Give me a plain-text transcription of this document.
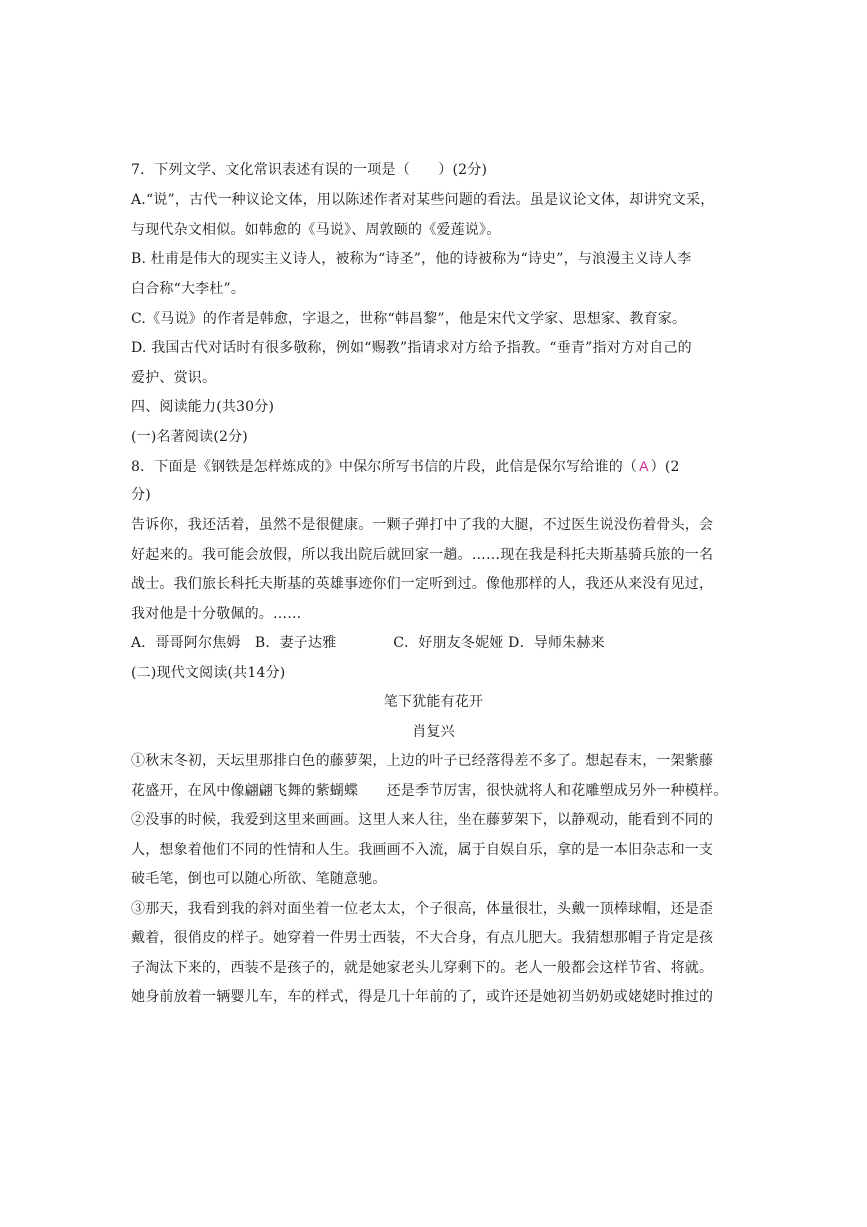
7．下列文学、文化常识表述有误的一项是（　　）(2分)
A.“说”，古代一种议论文体，用以陈述作者对某些问题的看法。虽是议论文体，却讲究文采，
与现代杂文相似。如韩愈的《马说》、周敦颐的《爱莲说》。
B. 杜甫是伟大的现实主义诗人，被称为“诗圣”，他的诗被称为“诗史”，与浪漫主义诗人李
白合称“大李杜”。
C.《马说》的作者是韩愈，字退之，世称“韩昌黎”，他是宋代文学家、思想家、教育家。
D. 我国古代对话时有很多敬称，例如“赐教”指请求对方给予指教。“垂青”指对方对自己的
爱护、赏识。
四、阅读能力(共30分)
(一)名著阅读(2分)
8．下面是《钢铁是怎样炼成的》中保尔所写书信的片段，此信是保尔写给谁的（ A ）(2
分)
告诉你，我还活着，虽然不是很健康。一颗子弹打中了我的大腿，不过医生说没伤着骨头，会
好起来的。我可能会放假，所以我出院后就回家一趟。……现在我是科托夫斯基骑兵旅的一名
战士。我们旅长科托夫斯基的英雄事迹你们一定听到过。像他那样的人，我还从来没有见过，
我对他是十分敬佩的。……
A．哥哥阿尔焦姆　B．妻子达雅　　　　C．好朋友冬妮娅 D．导师朱赫来
(二)现代文阅读(共14分)
笔下犹能有花开
肖复兴
①秋末冬初，天坛里那排白色的藤萝架，上边的叶子已经落得差不多了。想起春末，一架紫藤
花盛开，在风中像翩翩飞舞的紫蝴蝶　　还是季节厉害，很快就将人和花雕塑成另外一种模样。
②没事的时候，我爱到这里来画画。这里人来人往，坐在藤萝架下，以静观动，能看到不同的
人，想象着他们不同的性情和人生。我画画不入流，属于自娱自乐，拿的是一本旧杂志和一支
破毛笔，倒也可以随心所欲、笔随意驰。
③那天，我看到我的斜对面坐着一位老太太，个子很高，体量很壮，头戴一顶棒球帽，还是歪
戴着，很俏皮的样子。她穿着一件男士西装，不大合身，有点儿肥大。我猜想那帽子肯定是孩
子淘汰下来的，西装不是孩子的，就是她家老头儿穿剩下的。老人一般都会这样节省、将就。
她身前放着一辆婴儿车，车的样式，得是几十年前的了，或许还是她初当奶奶或姥姥时推过的
